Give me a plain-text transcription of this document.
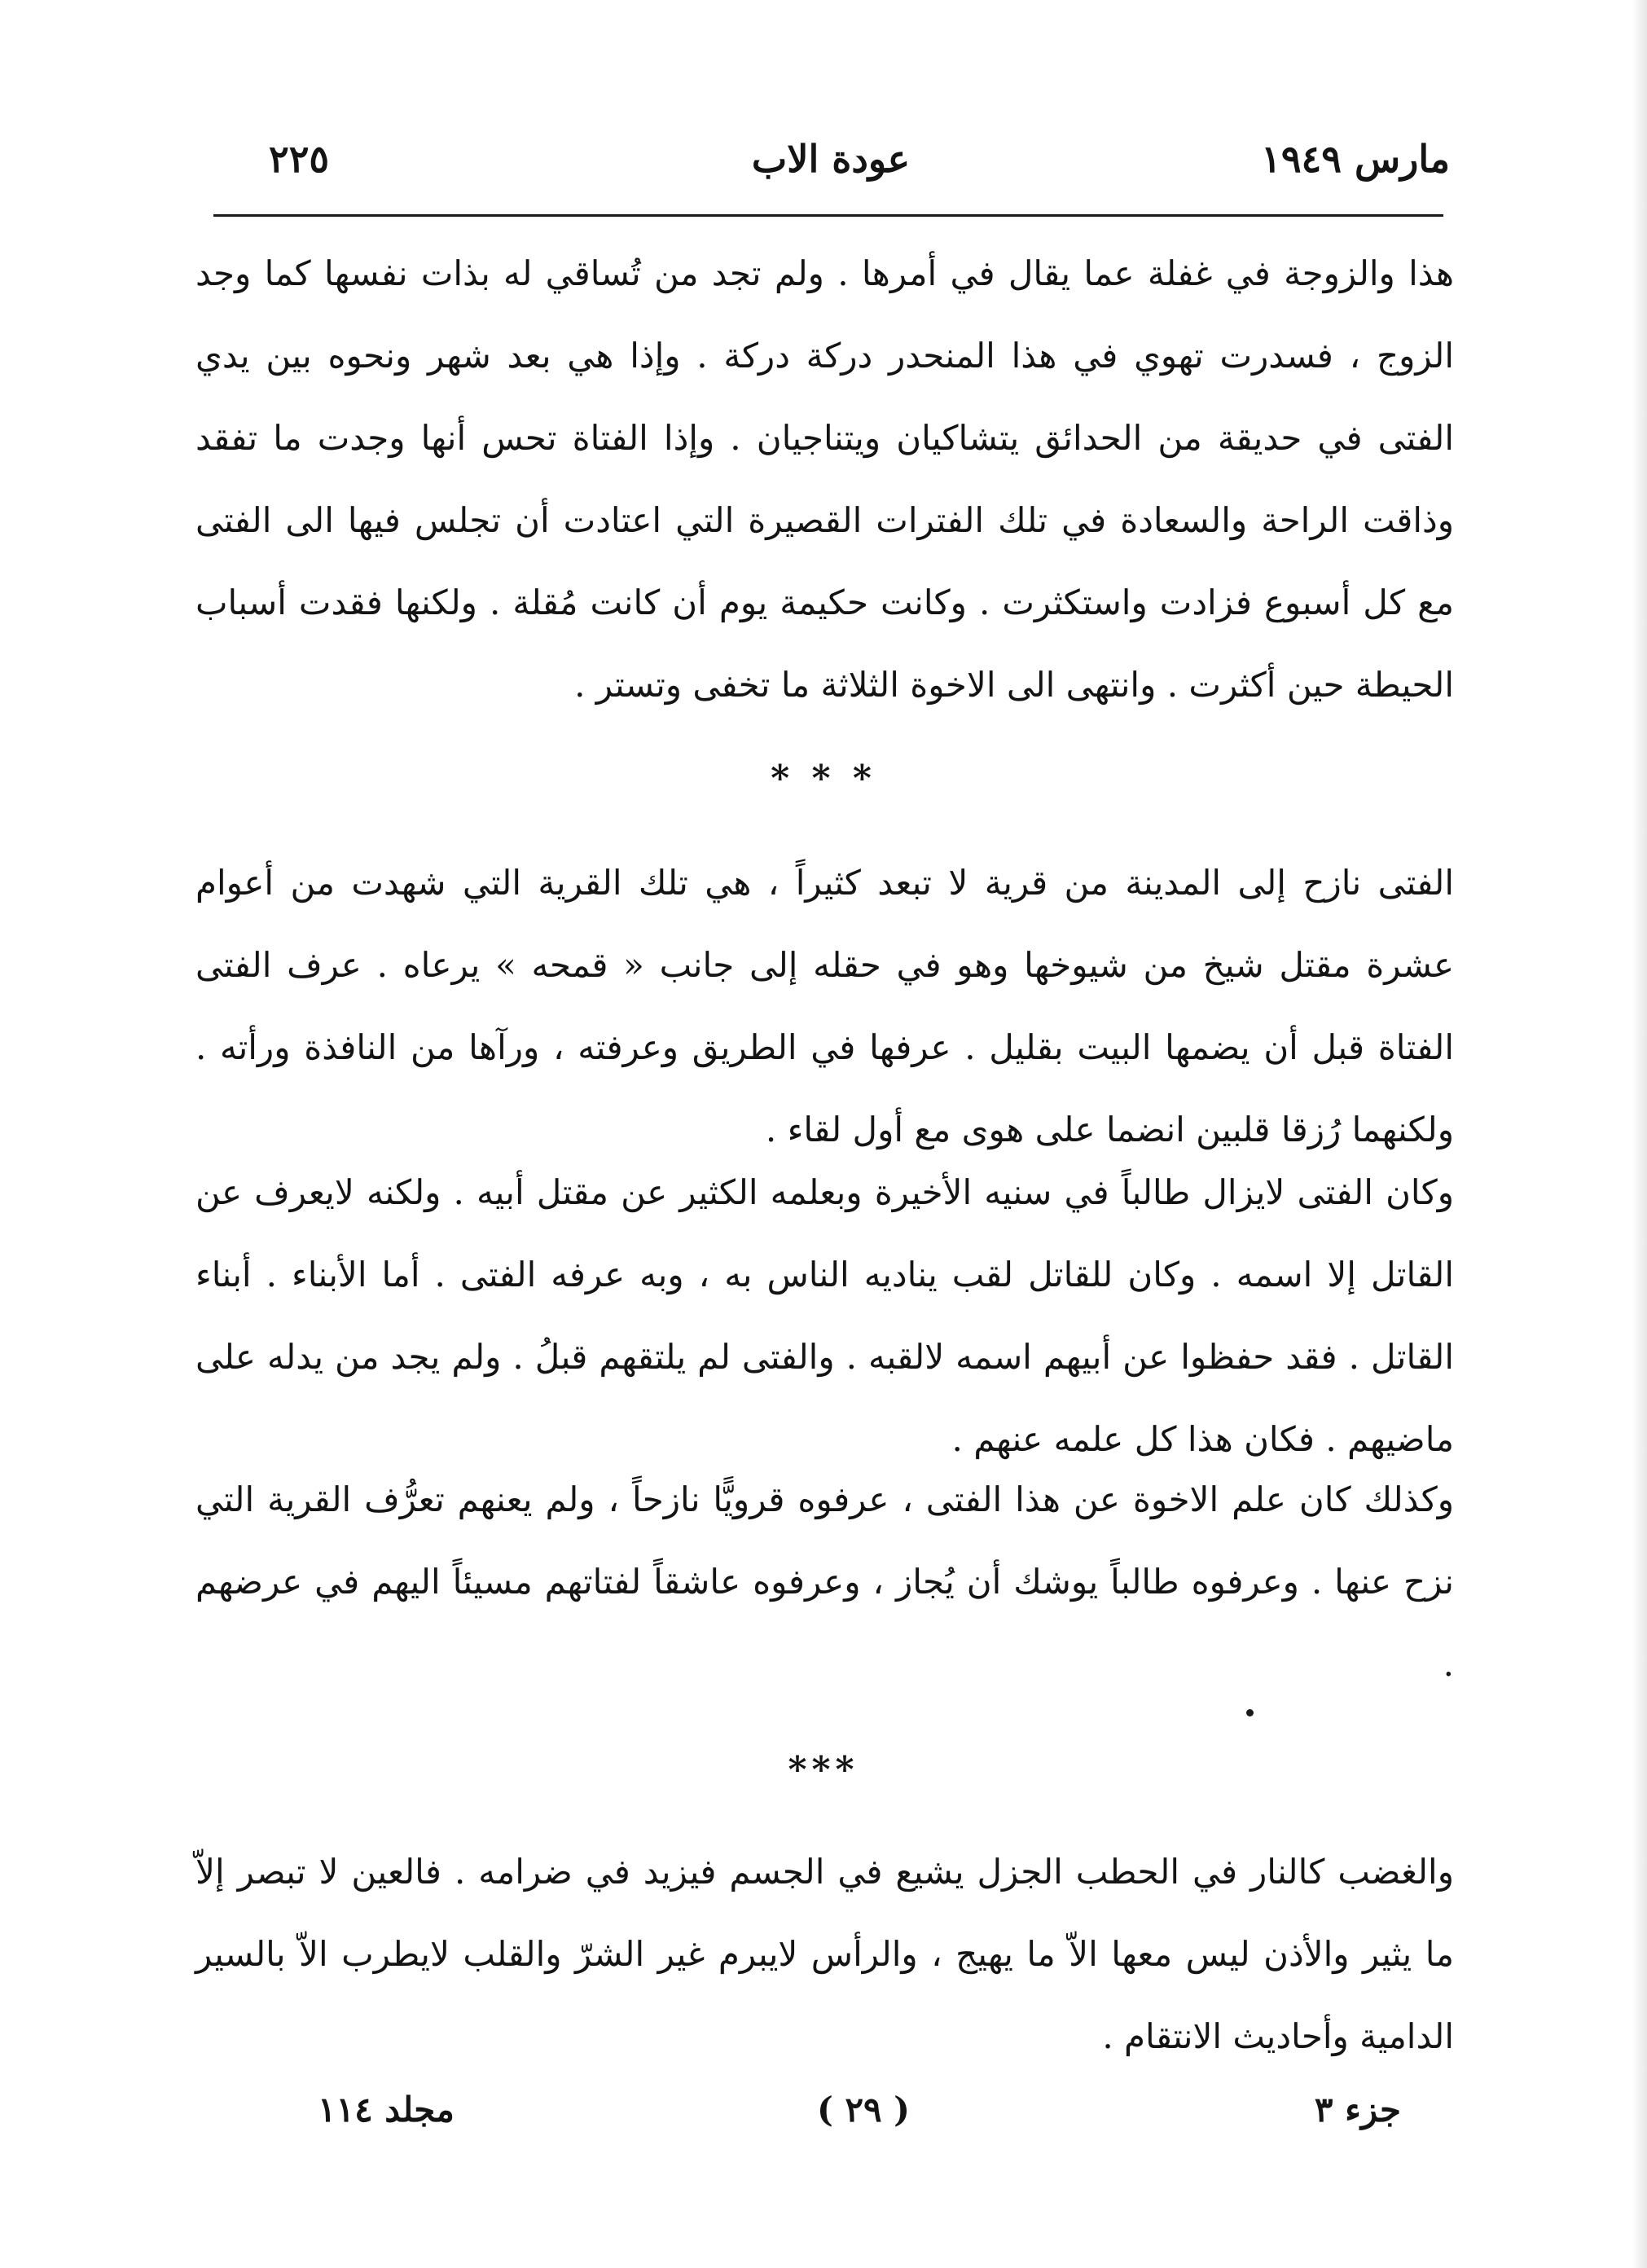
مارس ١٩٤٩
عودة الاب
٢٢٥
هذا والزوجة في غفلة عما يقال في أمرها . ولم تجد من تُساقي له بذات نفسها كما وجد الزوج ، فسدرت تهوي في هذا المنحدر دركة دركة . وإذا هي بعد شهر ونحوه بين يدي الفتى في حديقة من الحدائق يتشاكيان ويتناجيان . وإذا الفتاة تحس أنها وجدت ما تفقد وذاقت الراحة والسعادة في تلك الفترات القصيرة التي اعتادت أن تجلس فيها الى الفتى مع كل أسبوع فزادت واستكثرت . وكانت حكيمة يوم أن كانت مُقلة . ولكنها فقدت أسباب الحيطة حين أكثرت . وانتهى الى الاخوة الثلاثة ما تخفى وتستر .
* * *
الفتى نازح إلى المدينة من قرية لا تبعد كثيراً ، هي تلك القرية التي شهدت من أعوام عشرة مقتل شيخ من شيوخها وهو في حقله إلى جانب « قمحه » يرعاه . عرف الفتى الفتاة قبل أن يضمها البيت بقليل . عرفها في الطريق وعرفته ، ورآها من النافذة ورأته . ولكنهما رُزقا قلبين انضما على هوى مع أول لقاء .
وكان الفتى لايزال طالباً في سنيه الأخيرة وبعلمه الكثير عن مقتل أبيه . ولكنه لايعرف عن القاتل إلا اسمه . وكان للقاتل لقب يناديه الناس به ، وبه عرفه الفتى . أما الأبناء . أبناء القاتل . فقد حفظوا عن أبيهم اسمه لالقبه . والفتى لم يلتقهم قبلُ . ولم يجد من يدله على ماضيهم . فكان هذا كل علمه عنهم .
وكذلك كان علم الاخوة عن هذا الفتى ، عرفوه قرويًّا نازحاً ، ولم يعنهم تعرُّف القرية التي نزح عنها . وعرفوه طالباً يوشك أن يُجاز ، وعرفوه عاشقاً لفتاتهم مسيئاً اليهم في عرضهم .
***
والغضب كالنار في الحطب الجزل يشيع في الجسم فيزيد في ضرامه . فالعين لا تبصر إلاّ ما يثير والأذن ليس معها الاّ ما يهيج ، والرأس لايبرم غير الشرّ والقلب لايطرب الاّ بالسير الدامية وأحاديث الانتقام .
جزء ٣
( ٢٩ )
مجلد ١١٤
